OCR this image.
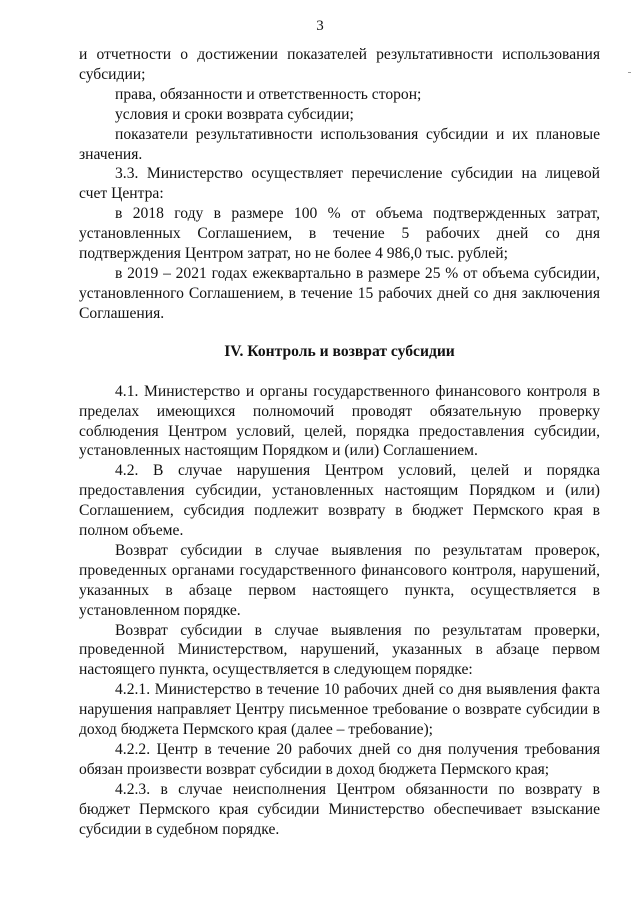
3

и отчетности о достижении показателей результативности использования субсидии;

права, обязанности и ответственность сторон;

условия и сроки возврата субсидии;

показатели результативности использования субсидии и их плановые значения.

3.3. Министерство осуществляет перечисление субсидии на лицевой счет Центра:

в 2018 году в размере 100 % от объема подтвержденных затрат, установленных Соглашением, в течение 5 рабочих дней со дня подтверждения Центром затрат, но не более 4 986,0 тыс. рублей;

в 2019 – 2021 годах ежеквартально в размере 25 % от объема субсидии, установленного Соглашением, в течение 15 рабочих дней со дня заключения Соглашения.

IV. Контроль и возврат субсидии

4.1. Министерство и органы государственного финансового контроля в пределах имеющихся полномочий проводят обязательную проверку соблюдения Центром условий, целей, порядка предоставления субсидии, установленных настоящим Порядком и (или) Соглашением.

4.2. В случае нарушения Центром условий, целей и порядка предоставления субсидии, установленных настоящим Порядком и (или) Соглашением, субсидия подлежит возврату в бюджет Пермского края в полном объеме.

Возврат субсидии в случае выявления по результатам проверок, проведенных органами государственного финансового контроля, нарушений, указанных в абзаце первом настоящего пункта, осуществляется в установленном порядке.

Возврат субсидии в случае выявления по результатам проверки, проведенной Министерством, нарушений, указанных в абзаце первом настоящего пункта, осуществляется в следующем порядке:

4.2.1. Министерство в течение 10 рабочих дней со дня выявления факта нарушения направляет Центру письменное требование о возврате субсидии в доход бюджета Пермского края (далее – требование);

4.2.2. Центр в течение 20 рабочих дней со дня получения требования обязан произвести возврат субсидии в доход бюджета Пермского края;

4.2.3. в случае неисполнения Центром обязанности по возврату в бюджет Пермского края субсидии Министерство обеспечивает взыскание субсидии в судебном порядке.
